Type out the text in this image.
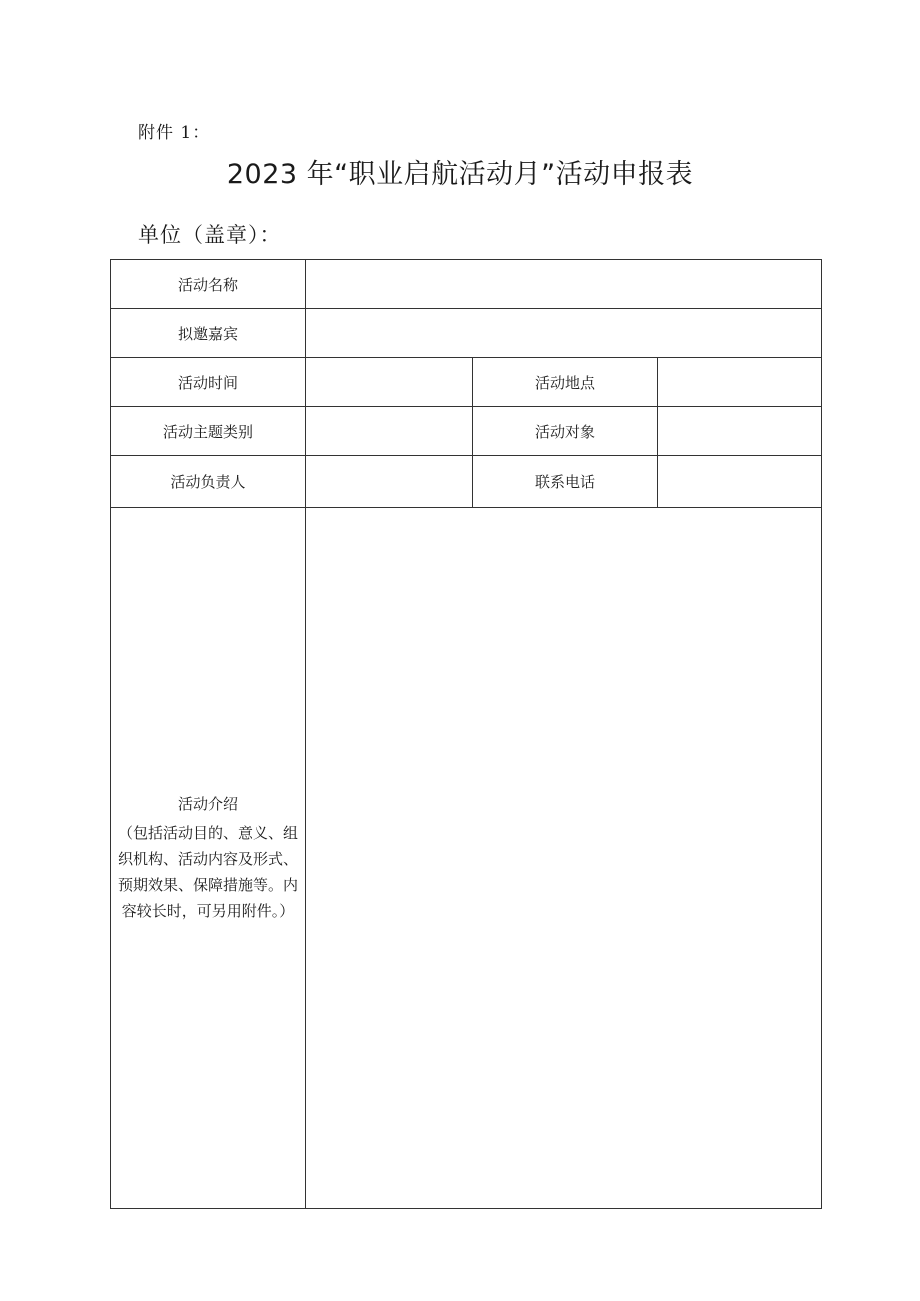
附件 1：
2023 年“职业启航活动月”活动申报表
单位（盖章）：
活动名称			
拟邀嘉宾			
活动时间		活动地点	
活动主题类别		活动对象	
活动负责人		联系电话	

活动介绍
（包括活动目的、意义、组织机构、活动内容及形式、预期效果、保障措施等。内容较长时，可另用附件。）			
